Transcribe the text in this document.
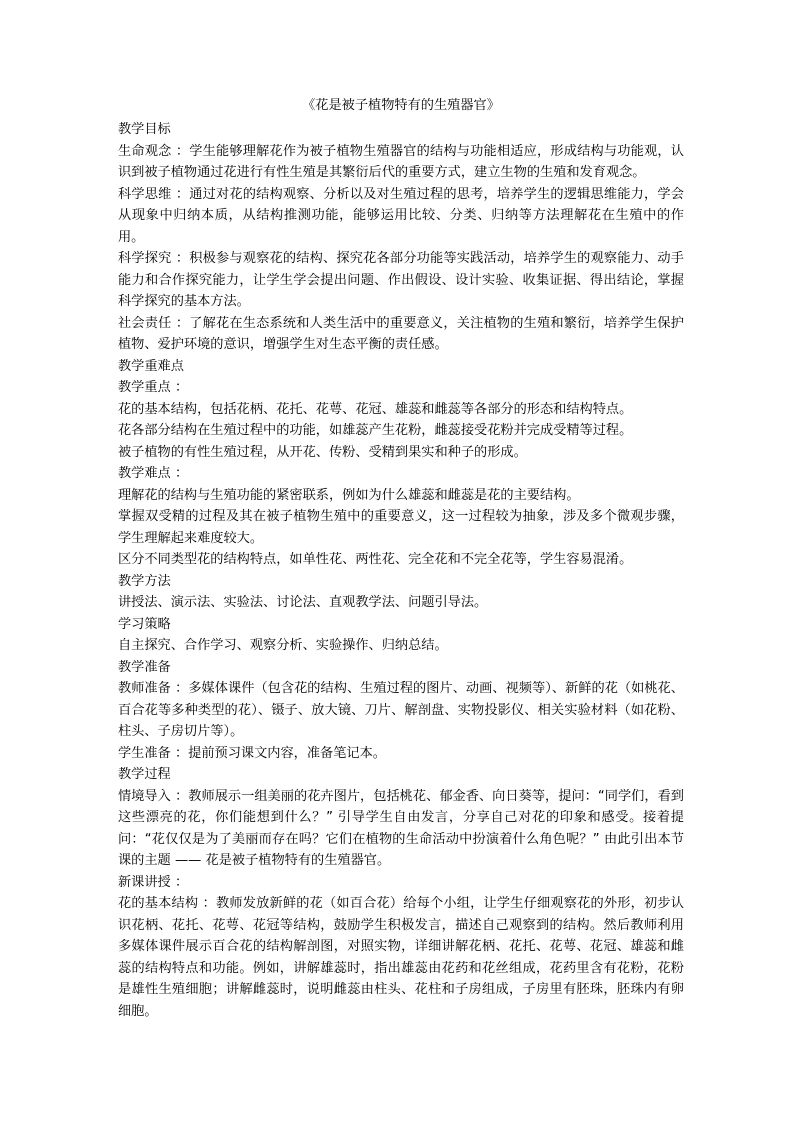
《花是被子植物特有的生殖器官》

教学目标

生命观念 ：学生能够理解花作为被子植物生殖器官的结构与功能相适应，形成结构与功能观，认识到被子植物通过花进行有性生殖是其繁衍后代的重要方式，建立生物的生殖和发育观念。

科学思维 ：通过对花的结构观察、分析以及对生殖过程的思考，培养学生的逻辑思维能力，学会从现象中归纳本质，从结构推测功能，能够运用比较、分类、归纳等方法理解花在生殖中的作用。

科学探究 ：积极参与观察花的结构、探究花各部分功能等实践活动，培养学生的观察能力、动手能力和合作探究能力，让学生学会提出问题、作出假设、设计实验、收集证据、得出结论，掌握科学探究的基本方法。

社会责任 ：了解花在生态系统和人类生活中的重要意义，关注植物的生殖和繁衍，培养学生保护植物、爱护环境的意识，增强学生对生态平衡的责任感。

教学重难点

教学重点 ：

花的基本结构，包括花柄、花托、花萼、花冠、雄蕊和雌蕊等各部分的形态和结构特点。

花各部分结构在生殖过程中的功能，如雄蕊产生花粉，雌蕊接受花粉并完成受精等过程。

被子植物的有性生殖过程，从开花、传粉、受精到果实和种子的形成。

教学难点 ：

理解花的结构与生殖功能的紧密联系，例如为什么雄蕊和雌蕊是花的主要结构。

掌握双受精的过程及其在被子植物生殖中的重要意义，这一过程较为抽象，涉及多个微观步骤，学生理解起来难度较大。

区分不同类型花的结构特点，如单性花、两性花、完全花和不完全花等，学生容易混淆。

教学方法

讲授法、演示法、实验法、讨论法、直观教学法、问题引导法。

学习策略

自主探究、合作学习、观察分析、实验操作、归纳总结。

教学准备

教师准备 ：多媒体课件（包含花的结构、生殖过程的图片、动画、视频等）、新鲜的花（如桃花、百合花等多种类型的花）、镊子、放大镜、刀片、解剖盘、实物投影仪、相关实验材料（如花粉、柱头、子房切片等）。

学生准备 ：提前预习课文内容，准备笔记本。

教学过程

情境导入 ：教师展示一组美丽的花卉图片，包括桃花、郁金香、向日葵等，提问：“同学们，看到这些漂亮的花，你们能想到什么？” 引导学生自由发言，分享自己对花的印象和感受。接着提问：“花仅仅是为了美丽而存在吗？它们在植物的生命活动中扮演着什么角色呢？” 由此引出本节课的主题 —— 花是被子植物特有的生殖器官。

新课讲授 ：

花的基本结构 ：教师发放新鲜的花（如百合花）给每个小组，让学生仔细观察花的外形，初步认识花柄、花托、花萼、花冠等结构，鼓励学生积极发言，描述自己观察到的结构。然后教师利用多媒体课件展示百合花的结构解剖图，对照实物，详细讲解花柄、花托、花萼、花冠、雄蕊和雌蕊的结构特点和功能。例如，讲解雄蕊时，指出雄蕊由花药和花丝组成，花药里含有花粉，花粉是雄性生殖细胞；讲解雌蕊时，说明雌蕊由柱头、花柱和子房组成，子房里有胚珠，胚珠内有卵细胞。
